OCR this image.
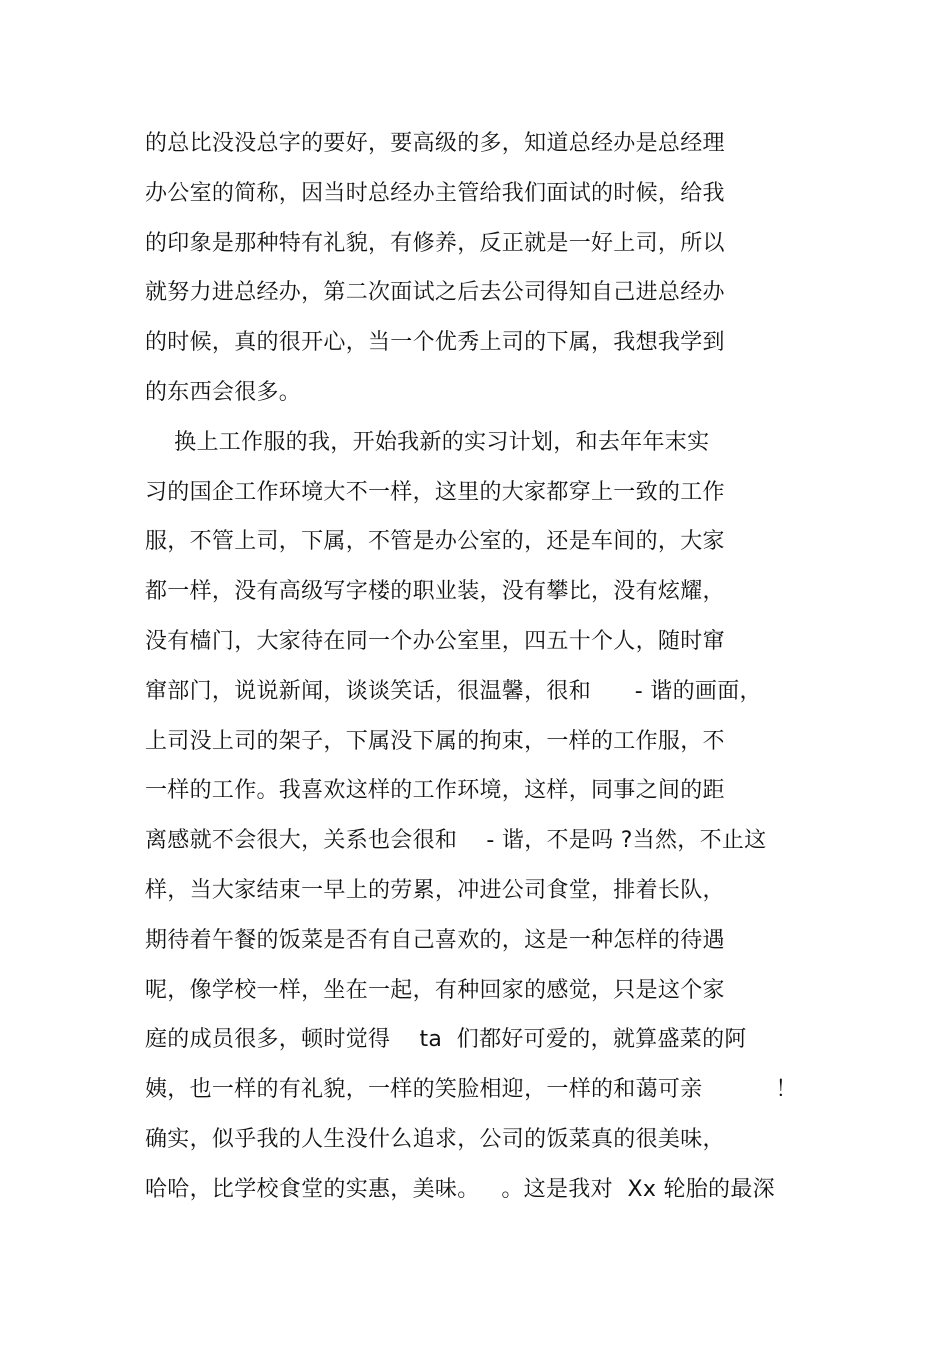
的总比没没总字的要好，要高级的多，知道总经办是总经理
办公室的简称，因当时总经办主管给我们面试的时候，给我
的印象是那种特有礼貌，有修养，反正就是一好上司，所以
就努力进总经办，第二次面试之后去公司得知自己进总经办
的时候，真的很开心，当一个优秀上司的下属，我想我学到
的东西会很多。
换上工作服的我，开始我新的实习计划，和去年年末实
习的国企工作环境大不一样，这里的大家都穿上一致的工作
服，不管上司，下属，不管是办公室的，还是车间的，大家
都一样，没有高级写字楼的职业装，没有攀比，没有炫耀，
没有樯门，大家待在同一个办公室里，四五十个人，随时窜
窜部门，说说新闻，谈谈笑话，很温馨，很和      - 谐的画面，
上司没上司的架子，下属没下属的拘束，一样的工作服，不
一样的工作。我喜欢这样的工作环境，这样，同事之间的距
离感就不会很大，关系也会很和    - 谐，不是吗 ?当然，不止这
样，当大家结束一早上的劳累，冲进公司食堂，排着长队，
期待着午餐的饭菜是否有自己喜欢的，这是一种怎样的待遇
呢，像学校一样，坐在一起，有种回家的感觉，只是这个家
庭的成员很多，顿时觉得    ta  们都好可爱的，就算盛菜的阿
姨，也一样的有礼貌，一样的笑脸相迎，一样的和蔼可亲          ！
确实，似乎我的人生没什么追求，公司的饭菜真的很美味，
哈哈，比学校食堂的实惠，美味。   。这是我对  Xx 轮胎的最深
